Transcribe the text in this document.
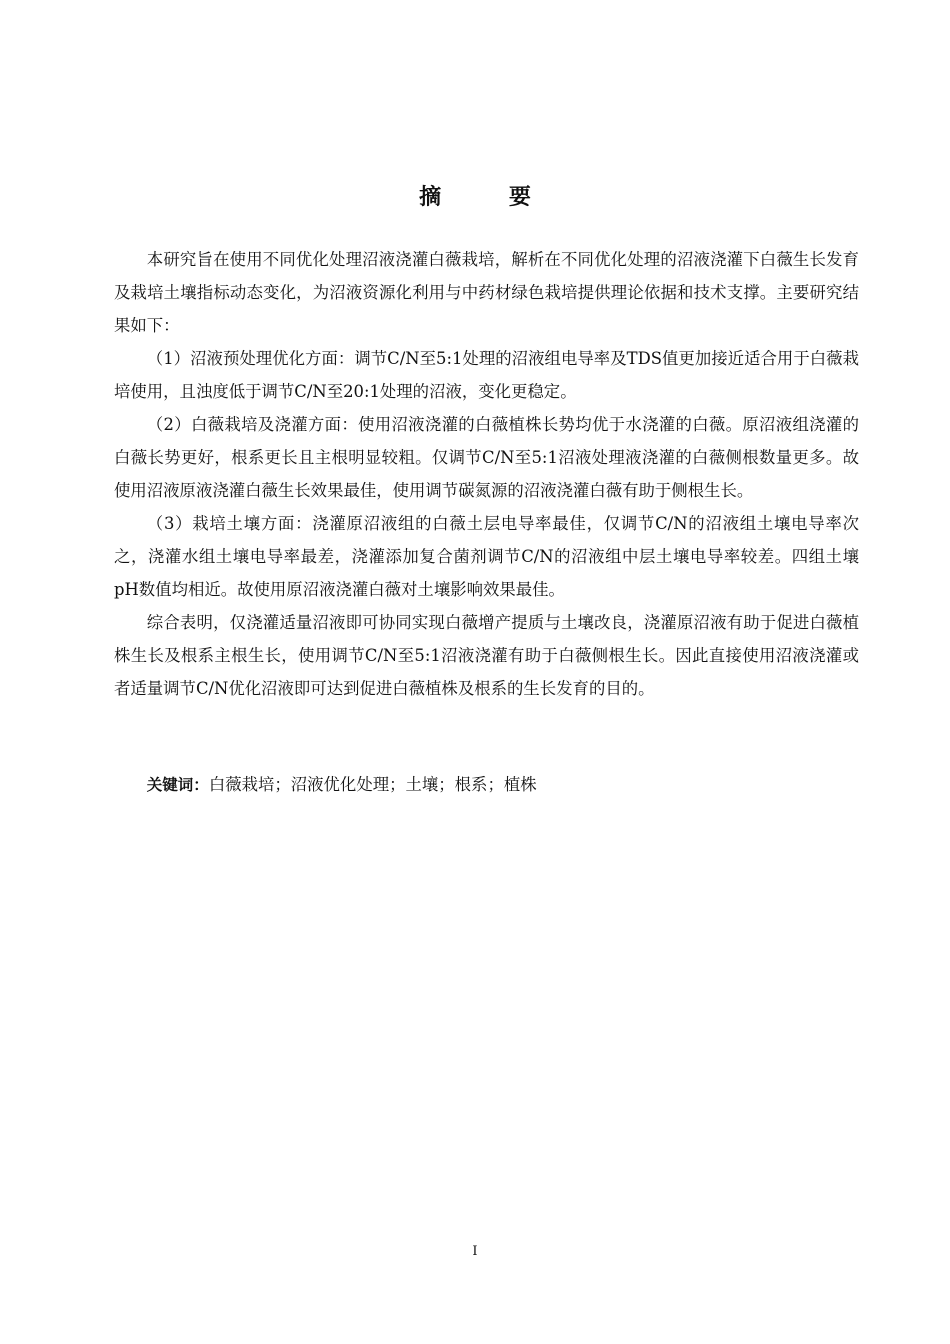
摘 要

本研究旨在使用不同优化处理沼液浇灌白薇栽培，解析在不同优化处理的沼液浇灌下白薇生长发育及栽培土壤指标动态变化，为沼液资源化利用与中药材绿色栽培提供理论依据和技术支撑。主要研究结果如下：

（1）沼液预处理优化方面：调节C/N至5:1处理的沼液组电导率及TDS值更加接近适合用于白薇栽培使用，且浊度低于调节C/N至20:1处理的沼液，变化更稳定。

（2）白薇栽培及浇灌方面：使用沼液浇灌的白薇植株长势均优于水浇灌的白薇。原沼液组浇灌的白薇长势更好，根系更长且主根明显较粗。仅调节C/N至5:1沼液处理液浇灌的白薇侧根数量更多。故使用沼液原液浇灌白薇生长效果最佳，使用调节碳氮源的沼液浇灌白薇有助于侧根生长。

（3）栽培土壤方面：浇灌原沼液组的白薇土层电导率最佳，仅调节C/N的沼液组土壤电导率次之，浇灌水组土壤电导率最差，浇灌添加复合菌剂调节C/N的沼液组中层土壤电导率较差。四组土壤pH数值均相近。故使用原沼液浇灌白薇对土壤影响效果最佳。

综合表明，仅浇灌适量沼液即可协同实现白薇增产提质与土壤改良，浇灌原沼液有助于促进白薇植株生长及根系主根生长，使用调节C/N至5:1沼液浇灌有助于白薇侧根生长。因此直接使用沼液浇灌或者适量调节C/N优化沼液即可达到促进白薇植株及根系的生长发育的目的。

关键词：白薇栽培；沼液优化处理；土壤；根系；植株
I
